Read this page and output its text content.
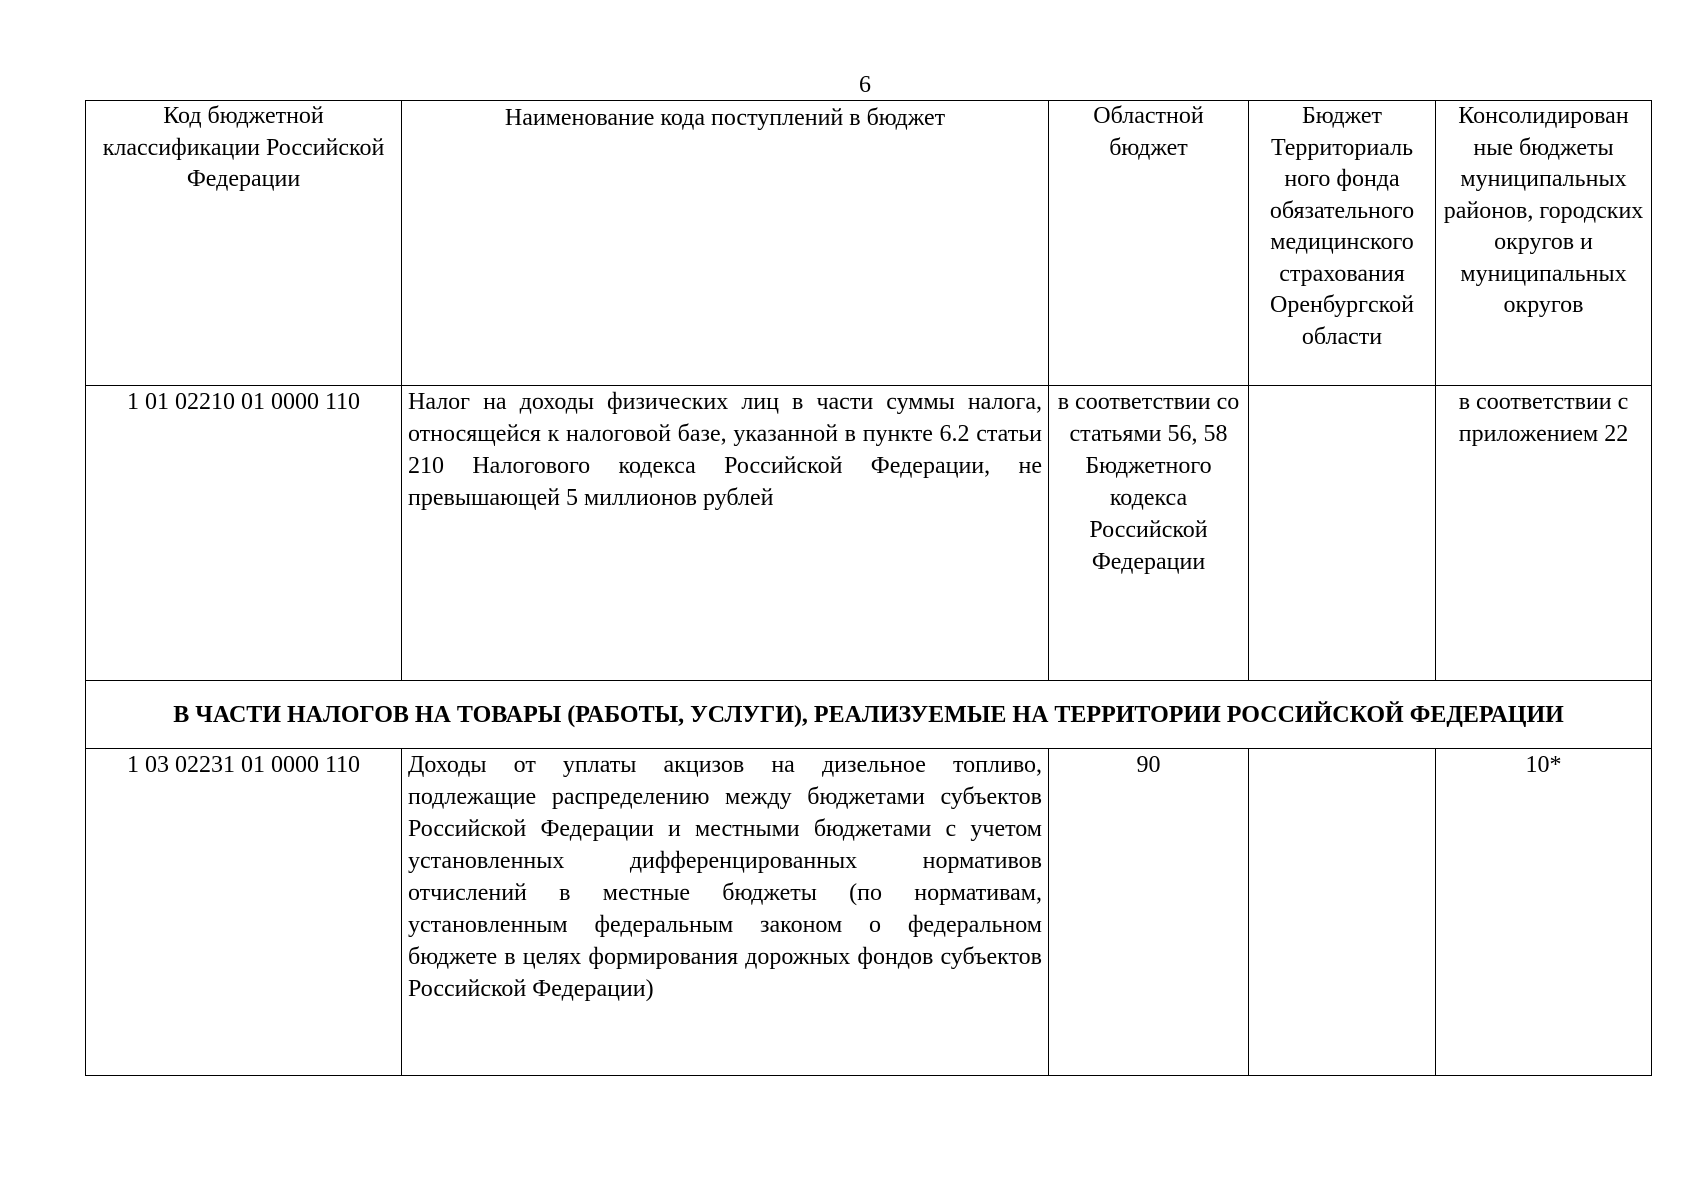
6
Код бюджетной классификации Российской Федерации	Наименование кода поступлений в бюджет	Областной бюджет	Бюджет Территориаль ного фонда обязательного медицинского страхования Оренбургской области	Консолидирован ные бюджеты муниципальных районов, городских округов и муниципальных округов
1 01 02210 01 0000 110	Налог на доходы физических лиц в части суммы налога, относящейся к налоговой базе, указанной в пункте 6.2 статьи 210 Налогового кодекса Российской Федерации, не превышающей 5 миллионов рублей	в соответствии со статьями 56, 58 Бюджетного кодекса Российской Федерации		в соответствии с приложением 22
В ЧАСТИ НАЛОГОВ НА ТОВАРЫ (РАБОТЫ, УСЛУГИ), РЕАЛИЗУЕМЫЕ НА ТЕРРИТОРИИ РОССИЙСКОЙ ФЕДЕРАЦИИ				
1 03 02231 01 0000 110	Доходы от уплаты акцизов на дизельное топливо, подлежащие распределению между бюджетами субъектов Российской Федерации и местными бюджетами с учетом установленных дифференцированных нормативов отчислений в местные бюджеты (по нормативам, установленным федеральным законом о федеральном бюджете в целях формирования дорожных фондов субъектов Российской Федерации)	90		10*
